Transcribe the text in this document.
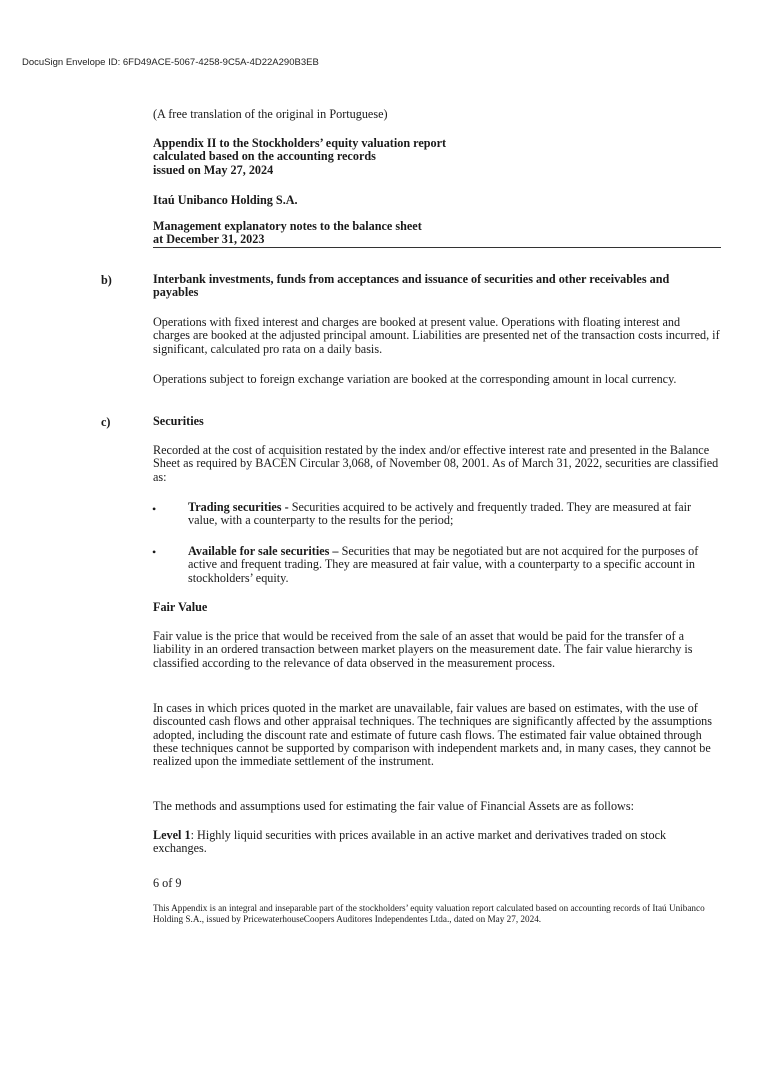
DocuSign Envelope ID: 6FD49ACE-5067-4258-9C5A-4D22A290B3EB

(A free translation of the original in Portuguese)

Appendix II to the Stockholders’ equity valuation report

calculated based on the accounting records

issued on May 27, 2024

Itaú Unibanco Holding S.A.

Management explanatory notes to the balance sheet

at December 31, 2023

b)	Interbank investments, funds from acceptances and issuance of securities and other receivables and payables
Operations with fixed interest and charges are booked at present value. Operations with floating interest and charges are booked at the adjusted principal amount. Liabilities are presented net of the transaction costs incurred, if significant, calculated pro rata on a daily basis.
Operations subject to foreign exchange variation are booked at the corresponding amount in local currency.
c)	Securities
Recorded at the cost of acquisition restated by the index and/or effective interest rate and presented in the Balance Sheet as required by BACEN Circular 3,068, of November 08, 2001. As of March 31, 2022, securities are classified as:
•	Trading securities - Securities acquired to be actively and frequently traded. They are measured at fair value, with a counterparty to the results for the period;
•	Available for sale securities – Securities that may be negotiated but are not acquired for the purposes of active and frequent trading. They are measured at fair value, with a counterparty to a specific account in stockholders’ equity.
Fair Value
Fair value is the price that would be received from the sale of an asset that would be paid for the transfer of a liability in an ordered transaction between market players on the measurement date. The fair value hierarchy is classified according to the relevance of data observed in the measurement process.
In cases in which prices quoted in the market are unavailable, fair values are based on estimates, with the use of discounted cash flows and other appraisal techniques. The techniques are significantly affected by the assumptions adopted, including the discount rate and estimate of future cash flows. The estimated fair value obtained through these techniques cannot be supported by comparison with independent markets and, in many cases, they cannot be realized upon the immediate settlement of the instrument.
The methods and assumptions used for estimating the fair value of Financial Assets are as follows:
Level 1: Highly liquid securities with prices available in an active market and derivatives traded on stock exchanges.
6 of 9
This Appendix is an integral and inseparable part of the stockholders’ equity valuation report calculated based on accounting records of Itaú Unibanco Holding S.A., issued by PricewaterhouseCoopers Auditores Independentes Ltda., dated on May 27, 2024.
